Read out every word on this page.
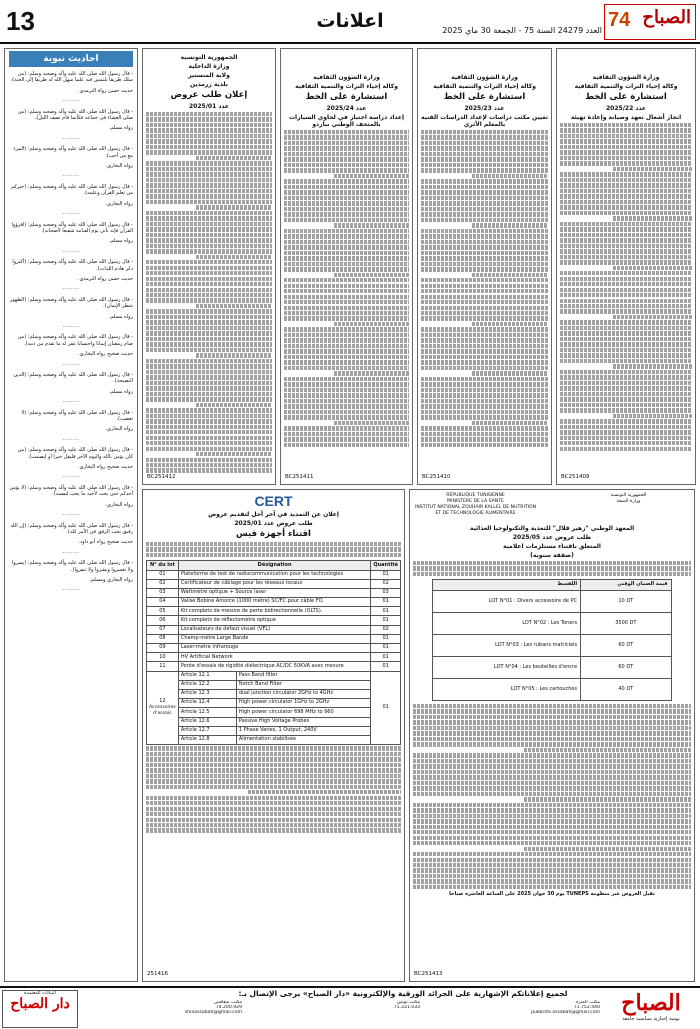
13	اعلانات	العدد 24279 السنة 75 - الجمعة 30 ماي 2025 74 الصباح
احاديث نبوية
- قال رسول الله صلى الله عليه وآله وصحبه وسلم: (من سلك طريقا يلتمس فيه علما سهل الله له طريقا إلى الجنة).
حديث حسن رواه الترمذي.
------
- قال رسول الله صلى الله عليه وآله وصحبه وسلم: (من صلى العشاء في جماعة فكأنما قام نصف الليل).
رواه مسلم.
------
- قال رسول الله صلى الله عليه وآله وصحبه وسلم: (المرء مع من أحب).
رواه البخاري.
------
- قال رسول الله صلى الله عليه وآله وصحبه وسلم: (خيركم من تعلم القرآن وعلمه).
رواه البخاري.
------
- قال رسول الله صلى الله عليه وآله وصحبه وسلم: (اقرؤوا القرآن فإنه يأتي يوم القيامة شفيعا لأصحابه).
رواه مسلم.
------
- قال رسول الله صلى الله عليه وآله وصحبه وسلم: (أكثروا ذكر هادم اللذات).
حديث حسن رواه الترمذي.
------
- قال رسول الله صلى الله عليه وآله وصحبه وسلم: (الطهور شطر الإيمان).
رواه مسلم.
------
- قال رسول الله صلى الله عليه وآله وصحبه وسلم: (من صام رمضان إيمانا واحتسابا غفر له ما تقدم من ذنبه).
حديث صحيح رواه البخاري.
------
- قال رسول الله صلى الله عليه وآله وصحبه وسلم: (الدين النصيحة).
رواه مسلم.
------
- قال رسول الله صلى الله عليه وآله وصحبه وسلم: (لا تغضب).
رواه البخاري.
------
- قال رسول الله صلى الله عليه وآله وصحبه وسلم: (من كان يؤمن بالله واليوم الآخر فليقل خيرا أو ليصمت).
حديث صحيح رواه البخاري.
------
- قال رسول الله صلى الله عليه وآله وصحبه وسلم: (لا يؤمن أحدكم حتى يحب لأخيه ما يحب لنفسه).
رواه البخاري.
------
- قال رسول الله صلى الله عليه وآله وصحبه وسلم: (إن الله رفيق يحب الرفق في الأمر كله).
حديث صحيح رواه أبو داود.
------
- قال رسول الله صلى الله عليه وآله وصحبه وسلم: (يسروا ولا تعسروا وبشروا ولا تنفروا).
رواه البخاري ومسلم.
------
الجمهورية التونسية
وزارة الداخلية
ولاية المنستير
بلدية زرمدين
إعلان طلب عروض
عدد 2025/01
BC251412
وزارة الشؤون الثقافية
وكالة إحياء التراث والتنمية الثقافية
استشارة على الخط
عدد 2025/24
إعداد دراسة اختبار في لحاوي السيارات بالمتحف الوطني بباردو
BC251411
وزارة الشؤون الثقافية
وكالة إحياء التراث والتنمية الثقافية
استشارة على الخط
عدد 2025/23
تعيين مكتب دراسات لإعداد الدراسات الفنية بالمعلم الأثري
BC251410
وزارة الشؤون الثقافية
وكالة إحياء التراث والتنمية الثقافية
استشارة على الخط
عدد 2025/22
انجاز أشغال تعهد وصيانة وإعادة تهيئة
BC251409
CERT
إعلان عن التمديد في آخر أجل لتقديم عروض
طلب عروض عدد 2025/01
اقتناء أجهزة قيس
N° du lot	Désignation		Quantité
01	Plateforme de test de radiocommunication pour les technologies		01
02	Certificateur de câblage pour les réseaux locaux		02
03	Wattmètre optique + Source laser		03
04	Valise Bobine Amorce (1000 mètre) SC/FC pour câble FO.		01
05	Kit complets de mesure de perte bidirectionnelle (OLTS).		01
06	Kit complets de réflectomètre optique		01
07	Localisateurs de défaut visuel (VFL)		02
08	Champ-mètre Large Bande		01
09	Laser-mètre infrarouge		01
10	HV Artificial Network		01
11	Ponte d'essais de rigidité diélectrique AC/DC 50KVA avec mesure		01
12
Accessoires d'essais	Article 12.1	Pass Band filter	01
	Article 12.2	Notch Band Filter	
	Article 12.3	dual junction circulator 2GHz to 4GHz	
	Article 12.4	High power circulator 1GHz to 2GHz	
	Article 12.5	High power circulator 698 MHz to 960	
	Article 12.6	Passive High Voltage Probes	
	Article 12.7	1 Phase Varies, 1 Output, 240V	
	Article 12.8	Alimentation stabilisée	
251416
REPUBLIQUE TUNISIENNE
MINISTERE DE LA SANTE
INSTITUT NATIONAL ZOUHAIR KALLEL DE NUTRITION ET DE TECHNOLOGIE ALIMENTAIRE
الجمهورية التونسية
وزارة الصحة
المعهد الوطني "زهير قلال" للتغذية والتكنولوجيا الغذائية
طلب عروض عدد 2025/05
المتعلق باقتناء مستلزمات اعلامية
(صفقة سنوية)
اللقسط	قيمة الضمان الوقتي
LOT N°01 : Divers accessoire de PC	10 DT
LOT N°02 : Les Toners	3500 DT
LOT N°03 : Les rubans matriciels	60 DT
LOT N°04 : Les bouteilles d'encre	60 DT
LOT N°05 : Les cartouches	40 DT
تقبل العروض عبر منظومة TUNEPS يوم 30 جوان 2025 على الساعة العاشرة صباحا
BC251413
لجميع إعلاناتكم الإشهارية على الجرائد الورقية والإلكترونية «دار الصباح» يرجى الإتصال بـ:
مكتب المنزه
71.752.440
publicite.assabah@gmail.com
مكتب تونس
71.331.033
مكتب صفاقس
74.200.929
sfaxassabah@gmail.com	الصباح
يومية إخبارية سياسية جامعة
البيانات المعتمدة
دار الصباح
